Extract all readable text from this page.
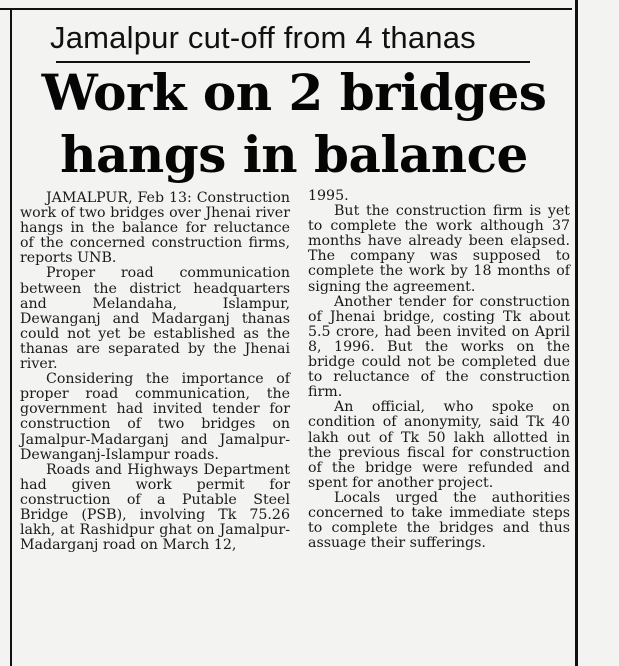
Jamalpur cut-off from 4 thanas
Work on 2 bridges hangs in balance

JAMALPUR, Feb 13: Construction work of two bridges over Jhenai river hangs in the balance for reluctance of the concerned construction firms, reports UNB.

Proper road communication between the district headquarters and Melandaha, Islampur, Dewanganj and Madarganj thanas could not yet be established as the thanas are separated by the Jhenai river.

Considering the importance of proper road communication, the government had invited tender for construction of two bridges on Jamalpur-Madarganj and Jamalpur-Dewanganj-Islampur roads.

Roads and Highways Department had given work permit for construction of a Putable Steel Bridge (PSB), involving Tk 75.26 lakh, at Rashidpur ghat on Jamalpur-Madarganj road on March 12,

1995.

But the construction firm is yet to complete the work although 37 months have already been elapsed. The company was supposed to complete the work by 18 months of signing the agreement.

Another tender for construction of Jhenai bridge, costing Tk about 5.5 crore, had been invited on April 8, 1996. But the works on the bridge could not be completed due to reluctance of the construction firm.

An official, who spoke on condition of anonymity, said Tk 40 lakh out of Tk 50 lakh allotted in the previous fiscal for construction of the bridge were refunded and spent for another project.

Locals urged the authorities concerned to take immediate steps to complete the bridges and thus assuage their sufferings.
